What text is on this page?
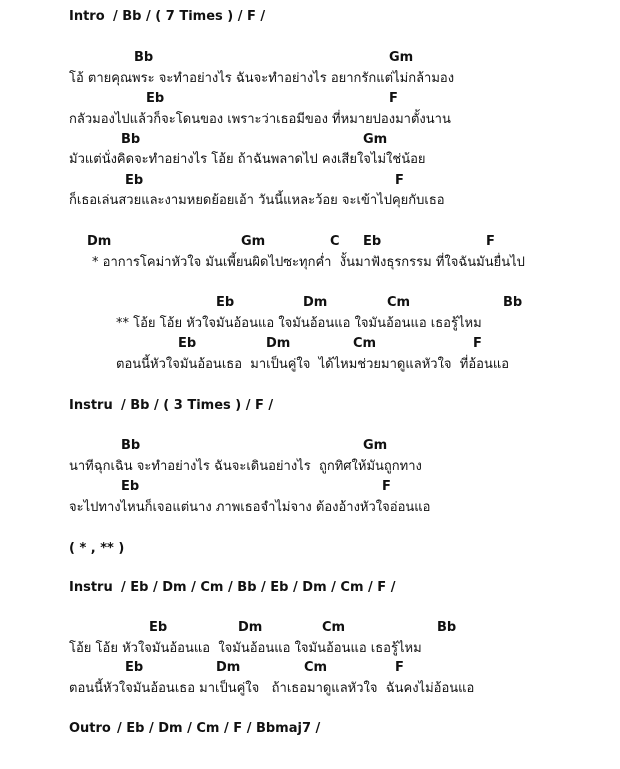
Intro

/ Bb / ( 7 Times ) / F /

Bb

	Gm

โอ้ ตายคุณพระ จะทำอย่างไร ฉันจะทำอย่างไร อยากรักแต่ไม่กล้ามอง

Eb

	F

กลัวมองไปแล้วก็จะโดนของ เพราะว่าเธอมีของ ที่หมายปองมาตั้งนาน

Bb

	Gm

มัวแต่นั่งคิดจะทำอย่างไร โอ้ย ถ้าฉันพลาดไป คงเสียใจไม่ใช่น้อย

Eb

	F

ก็เธอเล่นสวยและงามหยดย้อยเอ้า วันนี้แหละว้อย จะเข้าไปคุยกับเธอ

Dm

	Gm

	C

Eb

	F

* อาการโคม่าหัวใจ มันเพี้ยนผิดไปซะทุกค่ำ  งั้นมาฟังธุรกรรม ที่ใจฉันมันยื่นไป

Eb

	Dm

	Cm

	Bb

** โอ้ย โอ้ย หัวใจมันอ้อนแอ ใจมันอ้อนแอ ใจมันอ้อนแอ เธอรู้ไหม

Eb

	Dm

	Cm

	F

ตอนนี้หัวใจมันอ้อนเธอ  มาเป็นคู่ใจ  ได้ไหมช่วยมาดูแลหัวใจ  ที่อ้อนแอ

Instru

/ Bb / ( 3 Times ) / F /

Bb

	Gm

นาทีฉุกเฉิน จะทำอย่างไร ฉันจะเดินอย่างไร  ถูกทิศให้มันถูกทาง

Eb

	F

จะไปทางไหนก็เจอแต่นาง ภาพเธอจำไม่จาง ต้องอ้างหัวใจอ่อนแอ
( * , ** )

Instru

/ Eb / Dm / Cm / Bb / Eb / Dm / Cm / F /

Eb

	Dm

	Cm

	Bb

โอ้ย โอ้ย หัวใจมันอ้อนแอ  ใจมันอ้อนแอ ใจมันอ้อนแอ เธอรู้ไหม

Eb

	Dm

	Cm

	F

ตอนนี้หัวใจมันอ้อนเธอ มาเป็นคู่ใจ   ถ้าเธอมาดูแลหัวใจ  ฉันคงไม่อ้อนแอ

Outro

/ Eb / Dm / Cm / F / Bbmaj7 /
